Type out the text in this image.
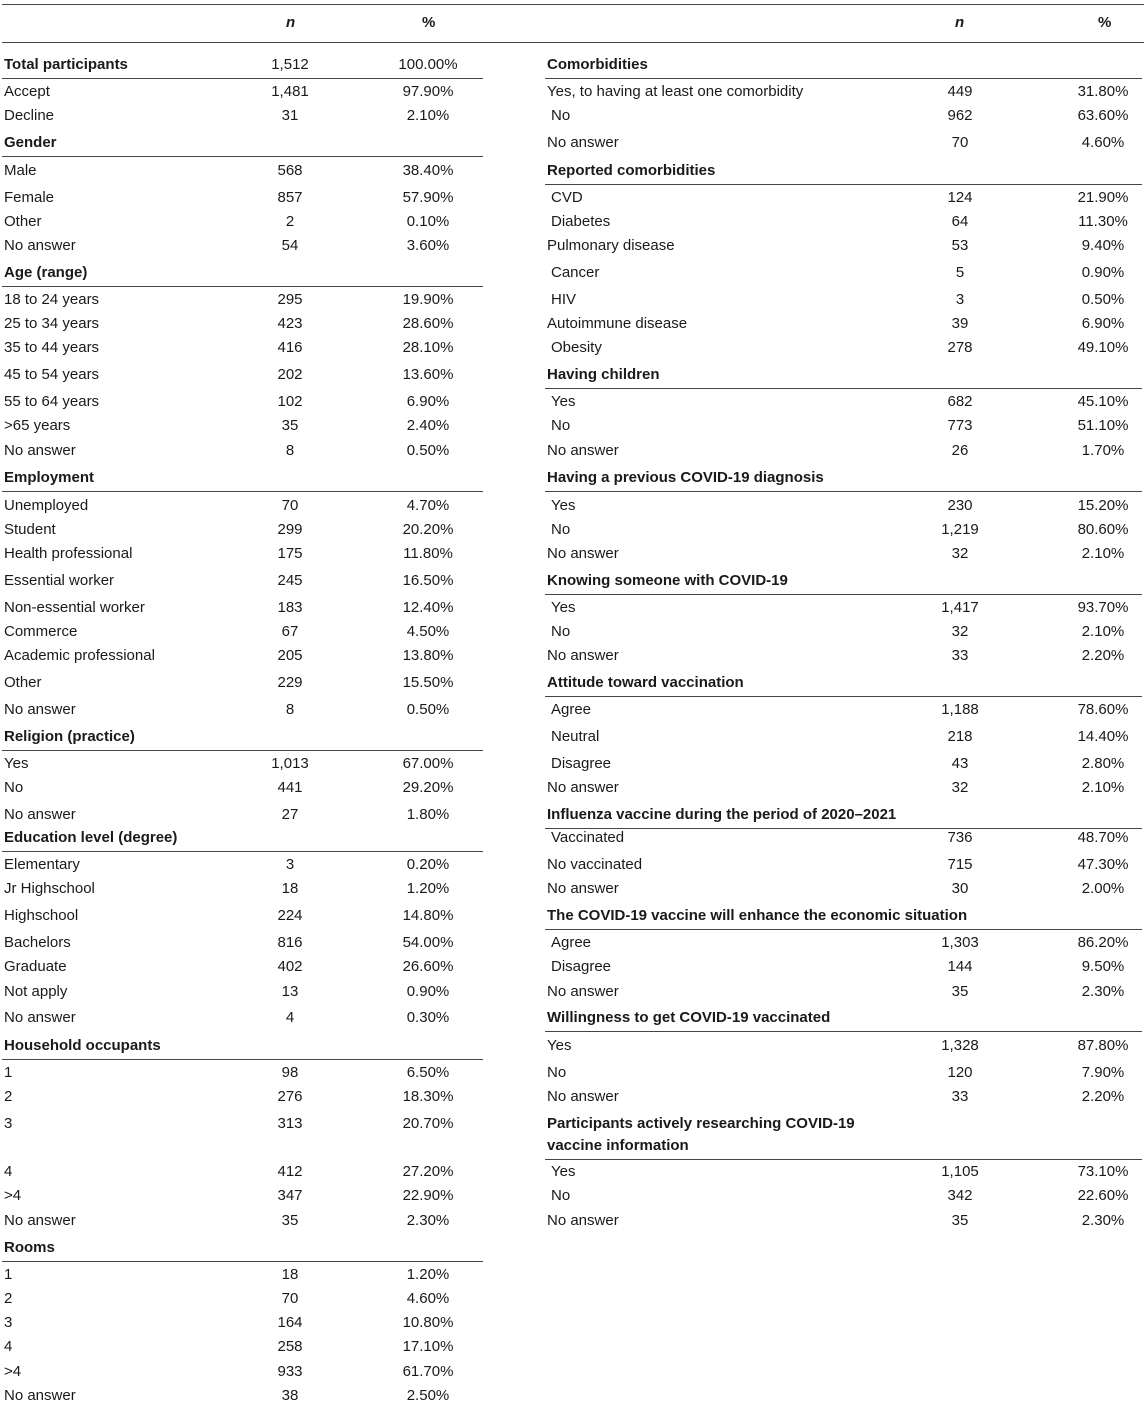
n	%	n	%
Total participants	1,512	100.00%
Accept	1,481	97.90%
Decline	31	2.10%
Gender
Male	568	38.40%
Female	857	57.90%
Other	2	0.10%
No answer	54	3.60%
Age (range)
18 to 24 years	295	19.90%
25 to 34 years	423	28.60%
35 to 44 years	416	28.10%
45 to 54 years	202	13.60%
55 to 64 years	102	6.90%
>65 years	35	2.40%
No answer	8	0.50%
Employment
Unemployed	70	4.70%
Student	299	20.20%
Health professional	175	11.80%
Essential worker	245	16.50%
Non-essential worker	183	12.40%
Commerce	67	4.50%
Academic professional	205	13.80%
Other	229	15.50%
No answer	8	0.50%
Religion (practice)
Yes	1,013	67.00%
No	441	29.20%
No answer	27	1.80%
Education level (degree)
Elementary	3	0.20%
Jr Highschool	18	1.20%
Highschool	224	14.80%
Bachelors	816	54.00%
Graduate	402	26.60%
Not apply	13	0.90%
No answer	4	0.30%
Household occupants
1	98	6.50%
2	276	18.30%
3	313	20.70%
4	412	27.20%
>4	347	22.90%
No answer	35	2.30%
Rooms
1	18	1.20%
2	70	4.60%
3	164	10.80%
4	258	17.10%
>4	933	61.70%
No answer	38	2.50%
Comorbidities
Yes, to having at least one comorbidity	449	31.80%
No	962	63.60%
No answer	70	4.60%
Reported comorbidities
CVD	124	21.90%
Diabetes	64	11.30%
Pulmonary disease	53	9.40%
Cancer	5	0.90%
HIV	3	0.50%
Autoimmune disease	39	6.90%
Obesity	278	49.10%
Having children
Yes	682	45.10%
No	773	51.10%
No answer	26	1.70%
Having a previous COVID-19 diagnosis
Yes	230	15.20%
No	1,219	80.60%
No answer	32	2.10%
Knowing someone with COVID-19
Yes	1,417	93.70%
No	32	2.10%
No answer	33	2.20%
Attitude toward vaccination
Agree	1,188	78.60%
Neutral	218	14.40%
Disagree	43	2.80%
No answer	32	2.10%
Influenza vaccine during the period of 2020–2021
Vaccinated	736	48.70%
No vaccinated	715	47.30%
No answer	30	2.00%
The COVID-19 vaccine will enhance the economic situation
Agree	1,303	86.20%
Disagree	144	9.50%
No answer	35	2.30%
Willingness to get COVID-19 vaccinated
Yes	1,328	87.80%
No	120	7.90%
No answer	33	2.20%
Participants actively researching COVID-19
vaccine information
Yes	1,105	73.10%
No	342	22.60%
No answer	35	2.30%
